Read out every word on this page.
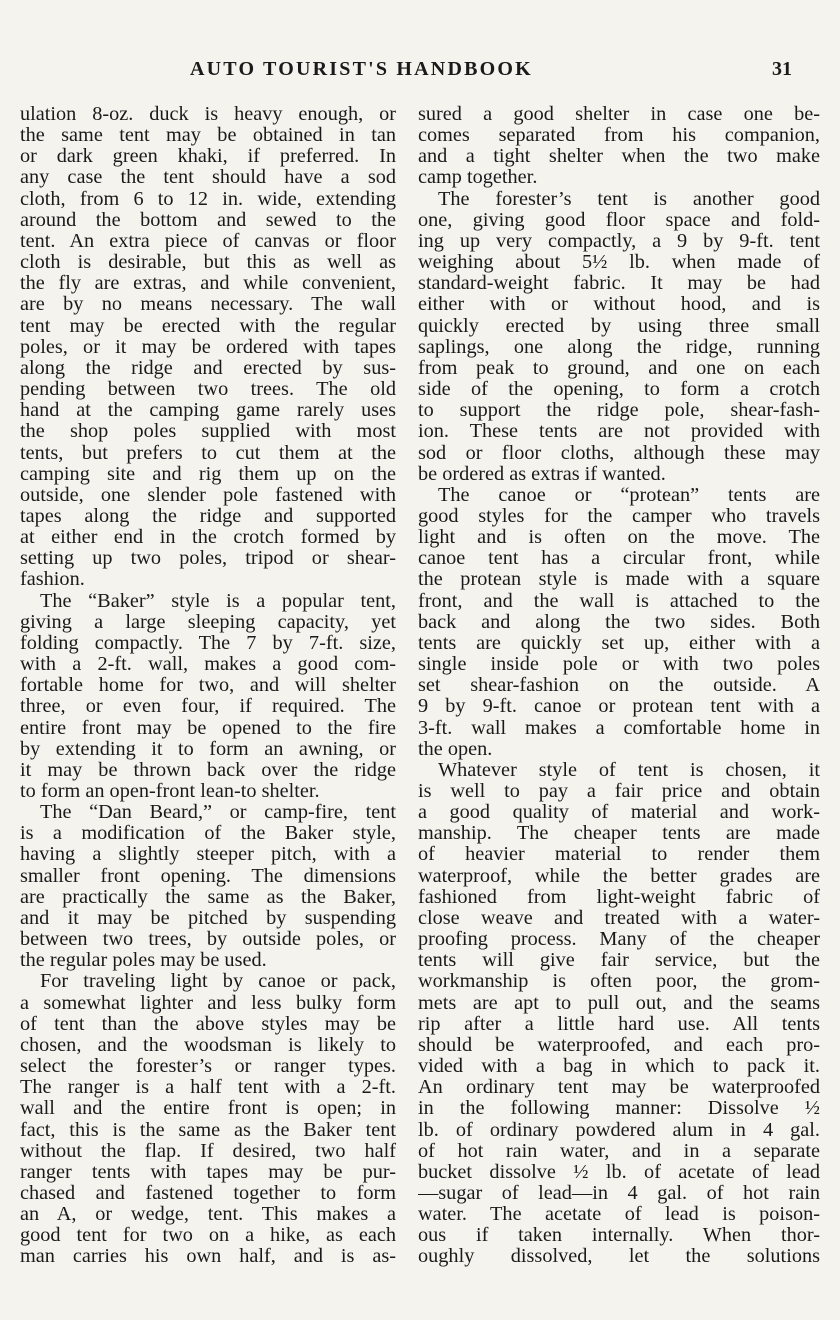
AUTO TOURIST'S HANDBOOK	31
ulation 8-oz. duck is heavy enough, or
the same tent may be obtained in tan
or dark green khaki, if preferred. In
any case the tent should have a sod
cloth, from 6 to 12 in. wide, extending
around the bottom and sewed to the
tent. An extra piece of canvas or floor
cloth is desirable, but this as well as
the fly are extras, and while convenient,
are by no means necessary. The wall
tent may be erected with the regular
poles, or it may be ordered with tapes
along the ridge and erected by sus-
pending between two trees. The old
hand at the camping game rarely uses
the shop poles supplied with most
tents, but prefers to cut them at the
camping site and rig them up on the
outside, one slender pole fastened with
tapes along the ridge and supported
at either end in the crotch formed by
setting up two poles, tripod or shear-
fashion.
The “Baker” style is a popular tent,
giving a large sleeping capacity, yet
folding compactly. The 7 by 7-ft. size,
with a 2-ft. wall, makes a good com-
fortable home for two, and will shelter
three, or even four, if required. The
entire front may be opened to the fire
by extending it to form an awning, or
it may be thrown back over the ridge
to form an open-front lean-to shelter.
The “Dan Beard,” or camp-fire, tent
is a modification of the Baker style,
having a slightly steeper pitch, with a
smaller front opening. The dimensions
are practically the same as the Baker,
and it may be pitched by suspending
between two trees, by outside poles, or
the regular poles may be used.
For traveling light by canoe or pack,
a somewhat lighter and less bulky form
of tent than the above styles may be
chosen, and the woodsman is likely to
select the forester’s or ranger types.
The ranger is a half tent with a 2-ft.
wall and the entire front is open; in
fact, this is the same as the Baker tent
without the flap. If desired, two half
ranger tents with tapes may be pur-
chased and fastened together to form
an A, or wedge, tent. This makes a
good tent for two on a hike, as each
man carries his own half, and is as-
sured a good shelter in case one be-
comes separated from his companion,
and a tight shelter when the two make
camp together.
The forester’s tent is another good
one, giving good floor space and fold-
ing up very compactly, a 9 by 9-ft. tent
weighing about 5½ lb. when made of
standard-weight fabric. It may be had
either with or without hood, and is
quickly erected by using three small
saplings, one along the ridge, running
from peak to ground, and one on each
side of the opening, to form a crotch
to support the ridge pole, shear-fash-
ion. These tents are not provided with
sod or floor cloths, although these may
be ordered as extras if wanted.
The canoe or “protean” tents are
good styles for the camper who travels
light and is often on the move. The
canoe tent has a circular front, while
the protean style is made with a square
front, and the wall is attached to the
back and along the two sides. Both
tents are quickly set up, either with a
single inside pole or with two poles
set shear-fashion on the outside. A
9 by 9-ft. canoe or protean tent with a
3-ft. wall makes a comfortable home in
the open.
Whatever style of tent is chosen, it
is well to pay a fair price and obtain
a good quality of material and work-
manship. The cheaper tents are made
of heavier material to render them
waterproof, while the better grades are
fashioned from light-weight fabric of
close weave and treated with a water-
proofing process. Many of the cheaper
tents will give fair service, but the
workmanship is often poor, the grom-
mets are apt to pull out, and the seams
rip after a little hard use. All tents
should be waterproofed, and each pro-
vided with a bag in which to pack it.
An ordinary tent may be waterproofed
in the following manner: Dissolve ½
lb. of ordinary powdered alum in 4 gal.
of hot rain water, and in a separate
bucket dissolve ½ lb. of acetate of lead
—sugar of lead—in 4 gal. of hot rain
water. The acetate of lead is poison-
ous if taken internally. When thor-
oughly dissolved, let the solutions
